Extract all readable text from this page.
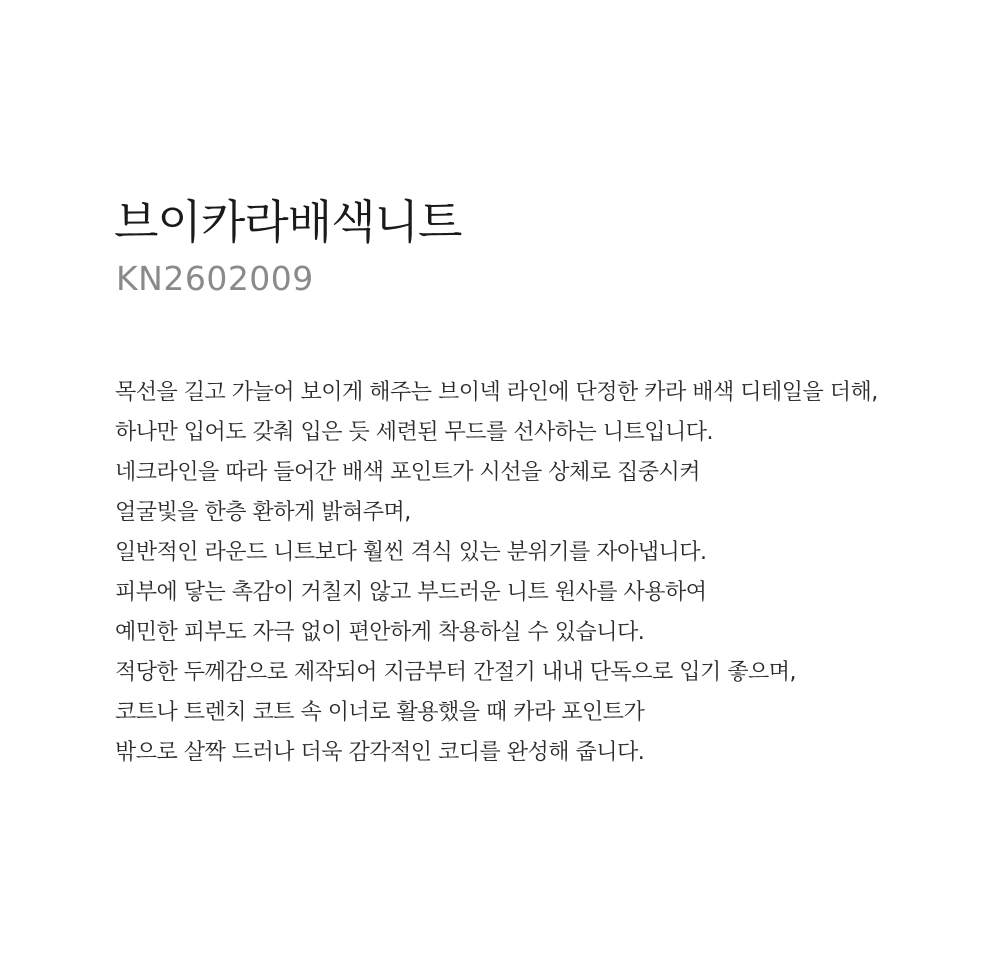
브이카라배색니트

KN2602009

목선을 길고 가늘어 보이게 해주는 브이넥 라인에 단정한 카라 배색 디테일을 더해,
하나만 입어도 갖춰 입은 듯 세련된 무드를 선사하는 니트입니다.
네크라인을 따라 들어간 배색 포인트가 시선을 상체로 집중시켜
얼굴빛을 한층 환하게 밝혀주며,
일반적인 라운드 니트보다 훨씬 격식 있는 분위기를 자아냅니다.
피부에 닿는 촉감이 거칠지 않고 부드러운 니트 원사를 사용하여
예민한 피부도 자극 없이 편안하게 착용하실 수 있습니다.
적당한 두께감으로 제작되어 지금부터 간절기 내내 단독으로 입기 좋으며,
코트나 트렌치 코트 속 이너로 활용했을 때 카라 포인트가
밖으로 살짝 드러나 더욱 감각적인 코디를 완성해 줍니다.
